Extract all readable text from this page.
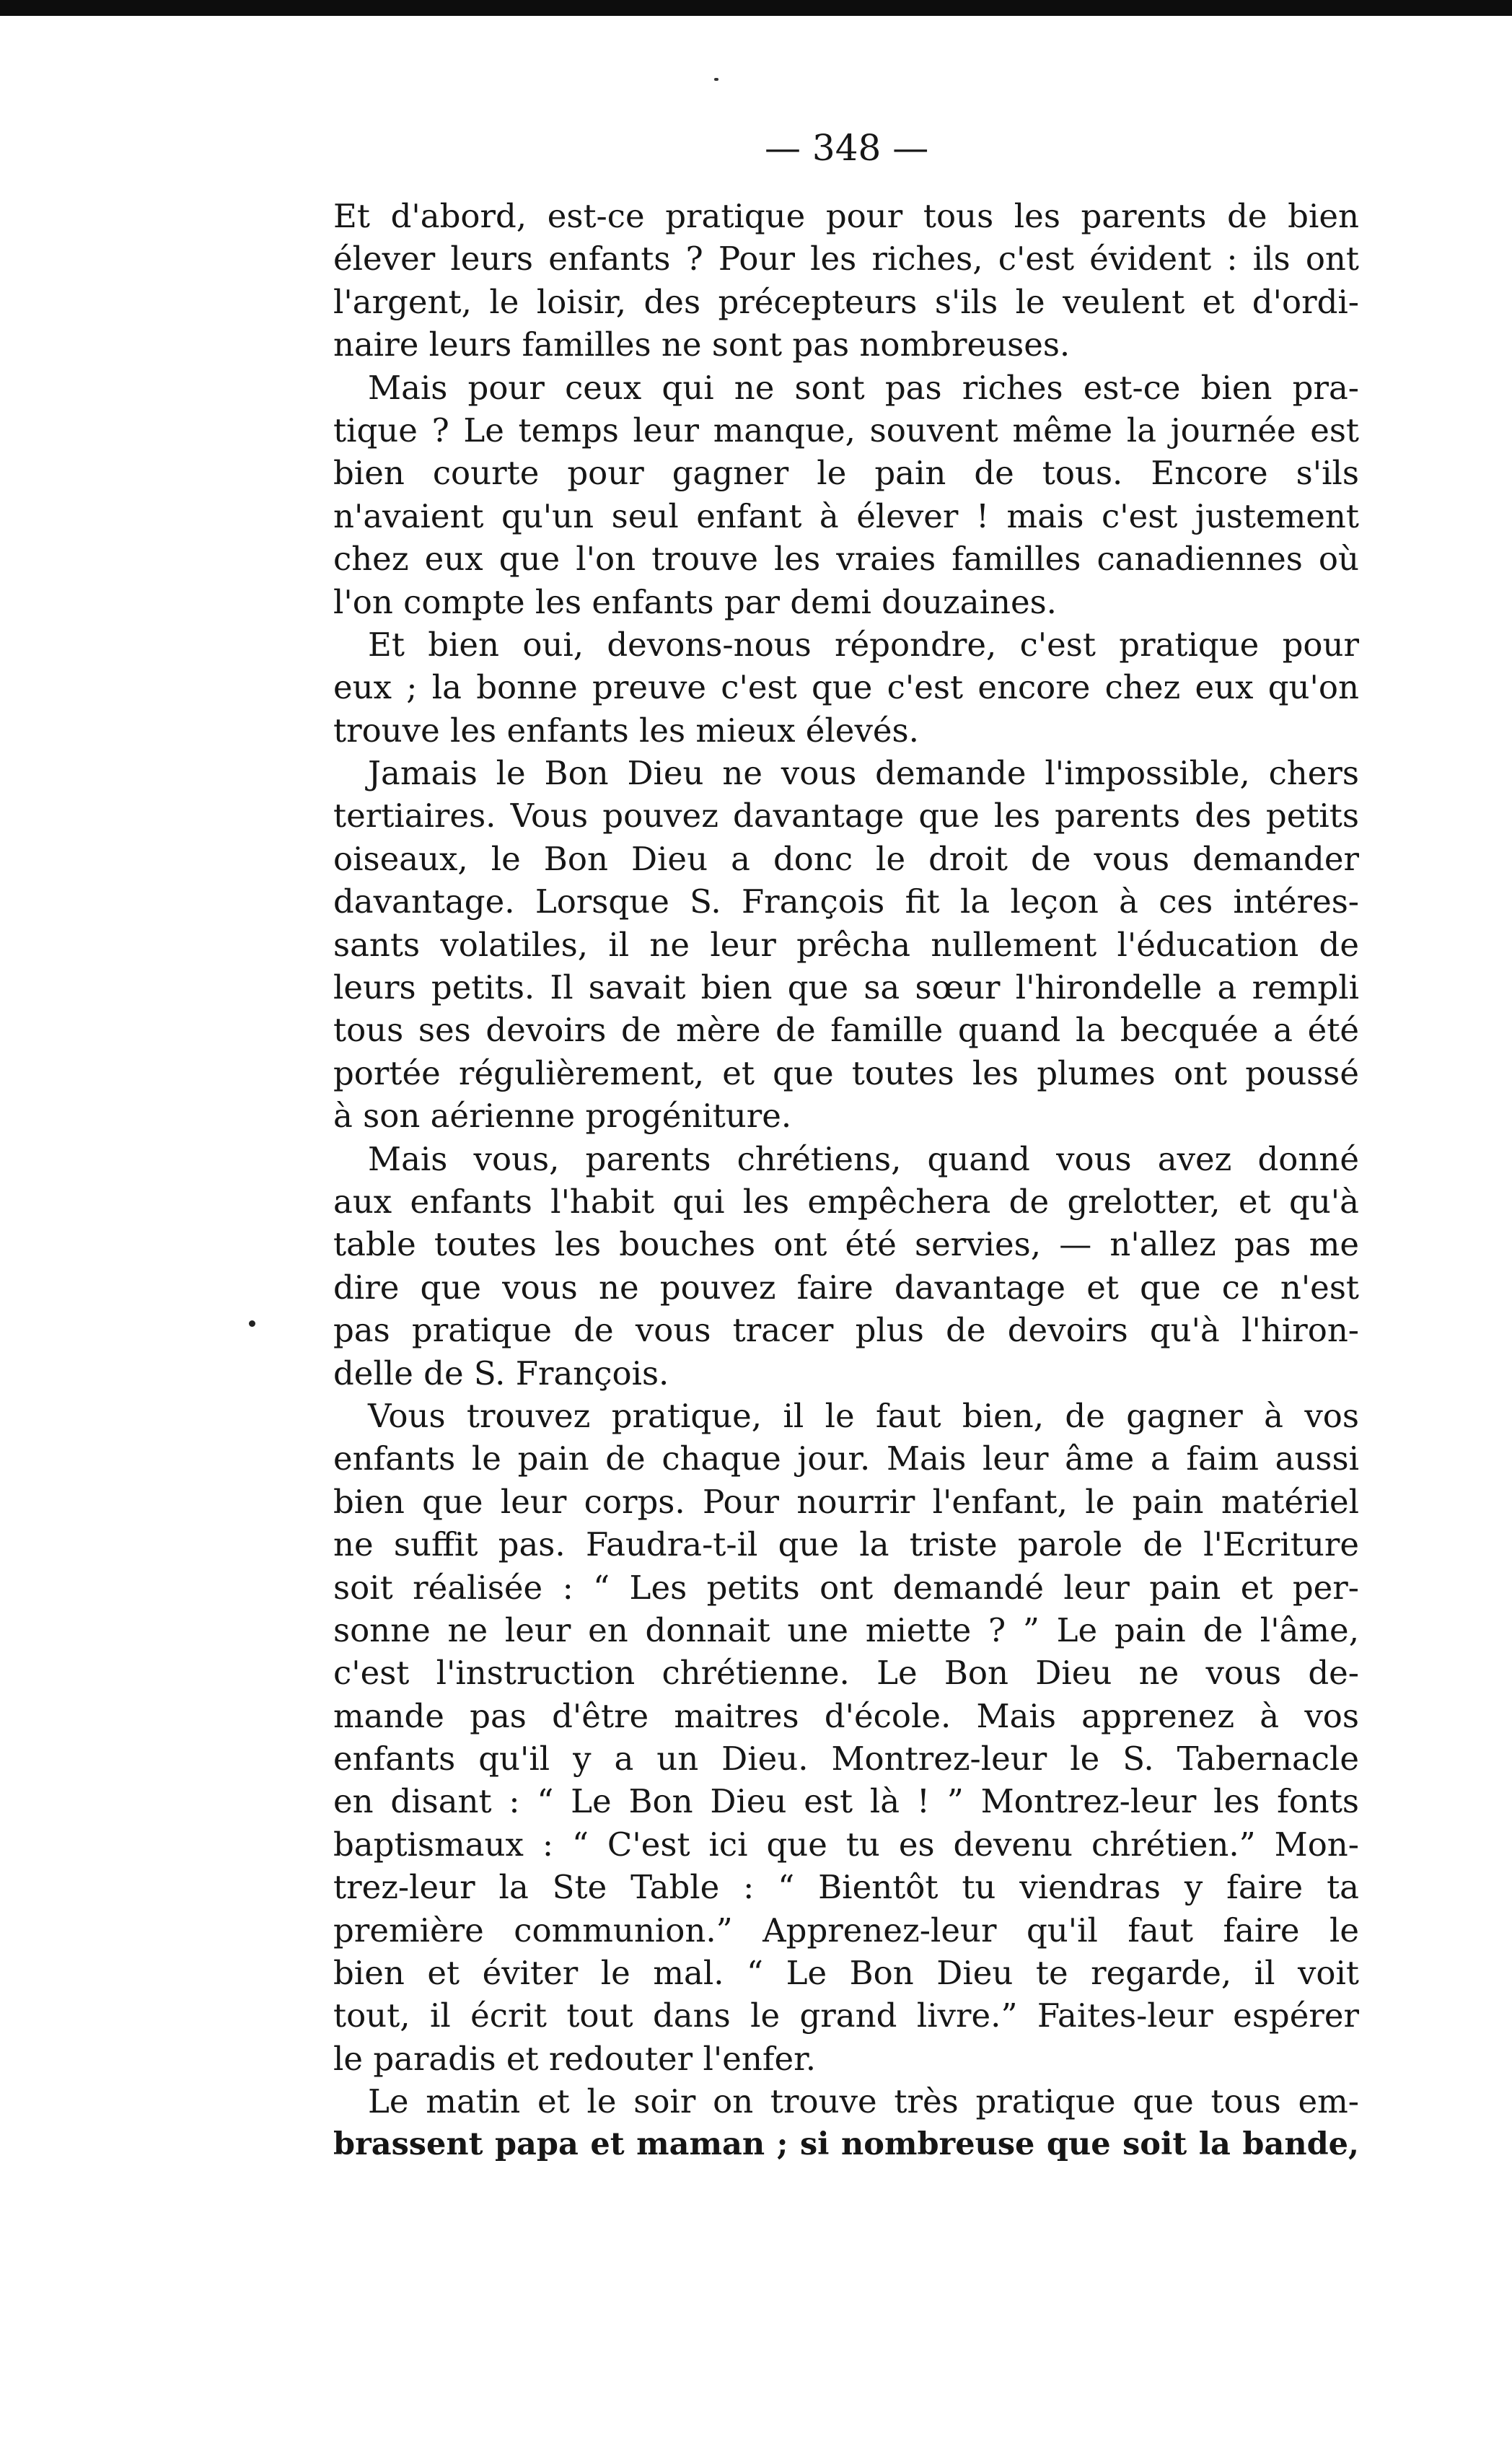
— 348 —
Et d'abord, est-ce pratique pour tous les parents de bien
élever leurs enfants ? Pour les riches, c'est évident : ils ont
l'argent, le loisir, des précepteurs s'ils le veulent et d'ordi-
naire leurs familles ne sont pas nombreuses.
Mais pour ceux qui ne sont pas riches est-ce bien pra-
tique ? Le temps leur manque, souvent même la journée est
bien courte pour gagner le pain de tous. Encore s'ils
n'avaient qu'un seul enfant à élever ! mais c'est justement
chez eux que l'on trouve les vraies familles canadiennes où
l'on compte les enfants par demi douzaines.
Et bien oui, devons-nous répondre, c'est pratique pour
eux ; la bonne preuve c'est que c'est encore chez eux qu'on
trouve les enfants les mieux élevés.
Jamais le Bon Dieu ne vous demande l'impossible, chers
tertiaires. Vous pouvez davantage que les parents des petits
oiseaux, le Bon Dieu a donc le droit de vous demander
davantage. Lorsque S. François fit la leçon à ces intéres-
sants volatiles, il ne leur prêcha nullement l'éducation de
leurs petits. Il savait bien que sa sœur l'hirondelle a rempli
tous ses devoirs de mère de famille quand la becquée a été
portée régulièrement, et que toutes les plumes ont poussé
à son aérienne progéniture.
Mais vous, parents chrétiens, quand vous avez donné
aux enfants l'habit qui les empêchera de grelotter, et qu'à
table toutes les bouches ont été servies, — n'allez pas me
dire que vous ne pouvez faire davantage et que ce n'est
pas pratique de vous tracer plus de devoirs qu'à l'hiron-
delle de S. François.
Vous trouvez pratique, il le faut bien, de gagner à vos
enfants le pain de chaque jour. Mais leur âme a faim aussi
bien que leur corps. Pour nourrir l'enfant, le pain matériel
ne suffit pas. Faudra-t-il que la triste parole de l'Ecriture
soit réalisée : “ Les petits ont demandé leur pain et per-
sonne ne leur en donnait une miette ? ” Le pain de l'âme,
c'est l'instruction chrétienne. Le Bon Dieu ne vous de-
mande pas d'être maitres d'école. Mais apprenez à vos
enfants qu'il y a un Dieu. Montrez-leur le S. Tabernacle
en disant : “ Le Bon Dieu est là ! ” Montrez-leur les fonts
baptismaux : “ C'est ici que tu es devenu chrétien.” Mon-
trez-leur la Ste Table : “ Bientôt tu viendras y faire ta
première communion.” Apprenez-leur qu'il faut faire le
bien et éviter le mal. “ Le Bon Dieu te regarde, il voit
tout, il écrit tout dans le grand livre.” Faites-leur espérer
le paradis et redouter l'enfer.
Le matin et le soir on trouve très pratique que tous em-
brassent papa et maman ; si nombreuse que soit la bande,
